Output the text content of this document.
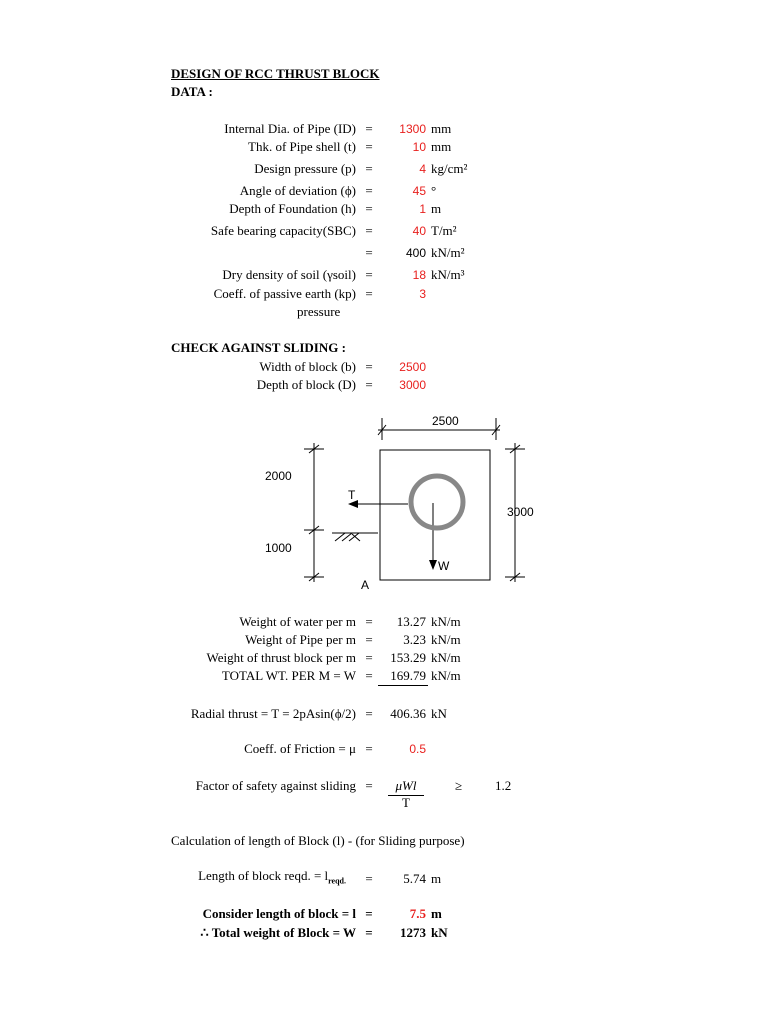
DESIGN OF RCC THRUST BLOCK
DATA :
Internal Dia. of Pipe (ID) =	1300 mm
Thk. of Pipe shell (t) =	10 mm
Design pressure (p) =	4 kg/cm²
Angle of deviation (ϕ) =	45 °
Depth of Foundation (h) =	1 m
Safe bearing capacity(SBC) =	40 T/m²
=	400 kN/m²
Dry density of soil (γsoil) =	18 kN/m³
Coeff. of passive earth (kp) =	3
pressure
CHECK AGAINST SLIDING :
Width of block (b) =	2500
Depth of block (D) =	3000
2500
3000
2000
1000
T
W
A
Weight of water per m =	13.27 kN/m
Weight of Pipe per m =	3.23 kN/m
Weight of thrust block per m =	153.29 kN/m
TOTAL WT. PER M = W =	169.79 kN/m
Radial thrust = T = 2pAsin(ϕ/2) =	406.36 kN
Coeff. of Friction = μ =	0.5
Factor of safety against sliding =	μWl
T
≥	1.2
Calculation of length of Block (l) - (for Sliding purpose)
Length of block reqd. = $l_{reqd.}$ =	5.74 m
Consider length of block = l =	7.5 m
∴ Total weight of Block = W =	1273 kN
